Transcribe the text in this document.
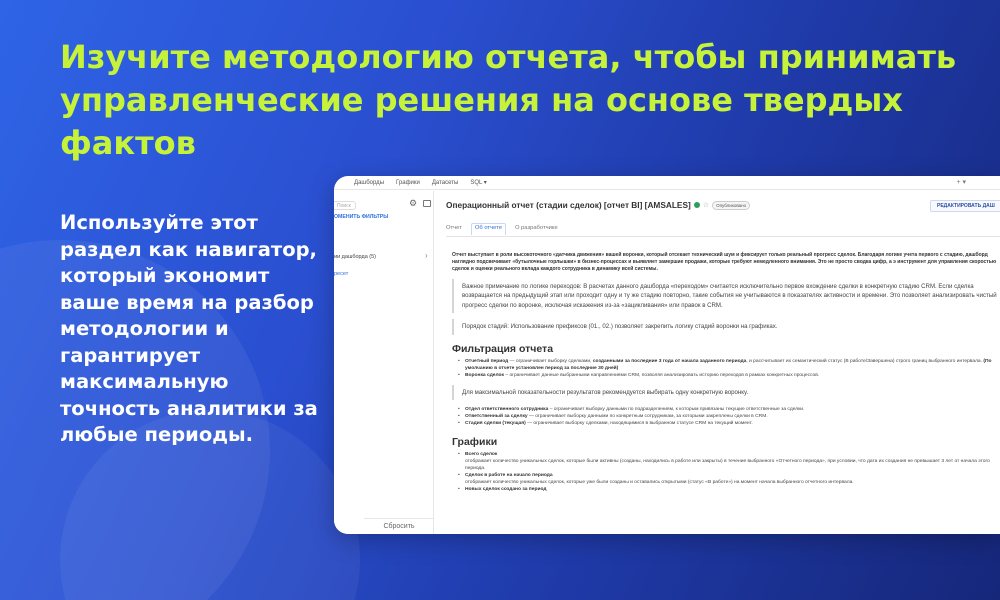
Изучите методологию отчета, чтобы принимать управленческие решения на основе твердых фактов

Используйте этот раздел как навигатор, который экономит ваше время на разбор методологии и гарантирует максимальную точность аналитики за любые периоды.

Дашборды Графики Датасеты SQL ▾	+ ▾
Поиск	⚙
ОМЕНИТЬ ФИЛЬТРЫ
ии дашборда (5)	›
ресет
Сбросить
Операционный отчет (стадии сделок) [отчет BI] [AMSALES] ☆	Опубликовано	РЕДАКТИРОВАТЬ ДАШ
Отчет	Об отчете	О разработчике

Отчет выступает в роли высокоточного «датчика движения» вашей воронки, который отсекает технический шум и фиксирует только реальный прогресс сделок. Благодаря логике учета первого с стадию, дашборд наглядно подсвечивает «бутылочные горлышки» в бизнес-процессах и выявляет замершие продажи, которые требуют немедленного внимания. Это не просто сводка цифр, а э инструмент для управления скоростью сделок и оценки реального вклада каждого сотрудника в динамику всей системы.

Важное примечание по логике переходов: В расчетах данного дашборда «переходом» считается исключительно первое вхождение сделки в конкретную стадию CRM. Если сделка возвращается на предыдущий этап или проходит одну и ту же стадию повторно, такие события не учитываются в показателях активности и времени. Это позволяет анализировать чистый прогресс сделки по воронке, исключая искажения из-за «зацикливания» или правок в CRM.
Порядок стадий: Использование префиксов (01., 02.) позволяет закрепить логику стадий воронки на графиках.
Фильтрация отчета
• Отчетный период — ограничивает выборку сделками, созданными за последние 3 года от начала заданного периода, и рассчитывает их семантический статус (В работе/Завершена) строго границ выбранного интервала. (По умолчанию в отчете установлен период за последние 30 дней)
• Воронка сделок – ограничивает данные выбранными направлениями CRM, позволяя анализировать историю переходов в рамках конкретных процессов.
Для максимальной показательности результатов рекомендуется выбирать одну конкретную воронку.
• Отдел ответственного сотрудника – ограничивает выборку данными по подразделениям, к которым привязаны текущие ответственные за сделки.
• Ответственный за сделку — ограничивает выборку данными по конкретным сотрудникам, за которыми закреплены сделки в CRM.
• Стадия сделки (текущая) — ограничивает выборку сделками, находящимися в выбранном статусе CRM на текущий момент.
Графики
• Всего сделок
отображает количество уникальных сделок, которые были активны (созданы, находились в работе или закрыты) в течение выбранного «Отчетного периода», при условии, что дата их создания не превышает 3 лет от начала этого периода.
• Сделок в работе на начало периода
отображает количество уникальных сделок, которые уже были созданы и оставались открытыми (статус «В работе») на момент начала выбранного отчетного интервала.
• Новых сделок создано за период
